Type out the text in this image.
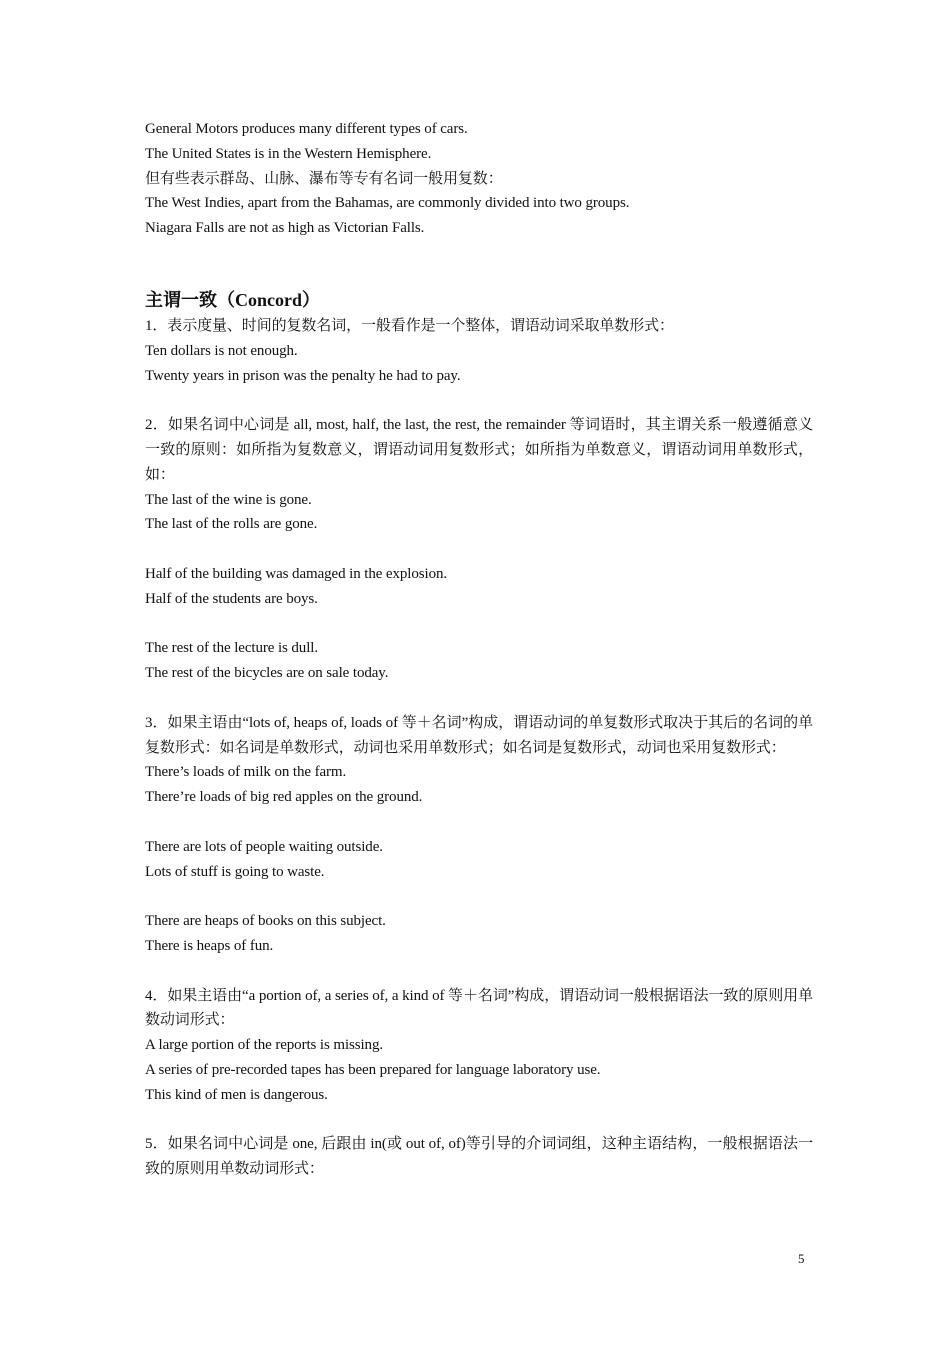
General Motors produces many different types of cars.
The United States is in the Western Hemisphere.
但有些表示群岛、山脉、瀑布等专有名词一般用复数：
The West Indies, apart from the Bahamas, are commonly divided into two groups.
Niagara Falls are not as high as Victorian Falls.
主谓一致（Concord）
1．表示度量、时间的复数名词，一般看作是一个整体，谓语动词采取单数形式：
Ten dollars is not enough.
Twenty years in prison was the penalty he had to pay.
2．如果名词中心词是 all, most, half, the last, the rest, the remainder 等词语时，其主谓关系一般遵循意义一致的原则：如所指为复数意义，谓语动词用复数形式；如所指为单数意义，谓语动词用单数形式，如：
The last of the wine is gone.
The last of the rolls are gone.
Half of the building was damaged in the explosion.
Half of the students are boys.
The rest of the lecture is dull.
The rest of the bicycles are on sale today.
3．如果主语由“lots of, heaps of, loads of 等＋名词”构成，谓语动词的单复数形式取决于其后的名词的单复数形式：如名词是单数形式，动词也采用单数形式；如名词是复数形式，动词也采用复数形式：
There’s loads of milk on the farm.
There’re loads of big red apples on the ground.
There are lots of people waiting outside.
Lots of stuff is going to waste.
There are heaps of books on this subject.
There is heaps of fun.
4．如果主语由“a portion of, a series of, a kind of 等＋名词”构成，谓语动词一般根据语法一致的原则用单数动词形式：
A large portion of the reports is missing.
A series of pre-recorded tapes has been prepared for language laboratory use.
This kind of men is dangerous.
5．如果名词中心词是 one, 后跟由 in(或 out of, of)等引导的介词词组，这种主语结构，一般根据语法一致的原则用单数动词形式：
5
